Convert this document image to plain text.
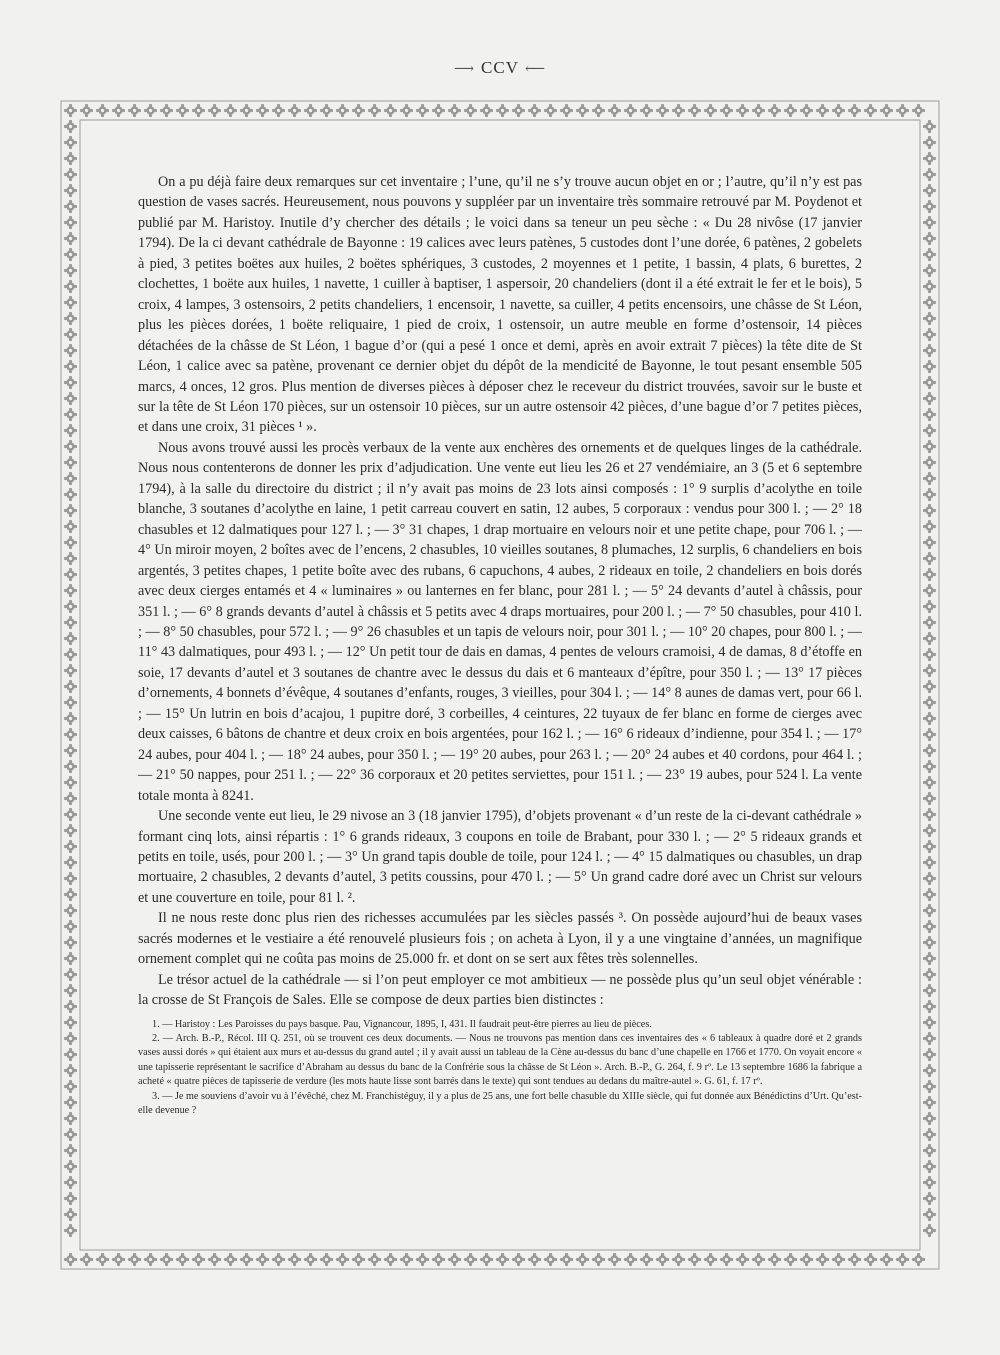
⟶ CCV ⟵

On a pu déjà faire deux remarques sur cet inventaire ; l’une, qu’il ne s’y trouve aucun objet en or ; l’autre, qu’il n’y est pas question de vases sacrés. Heureusement, nous pouvons y suppléer par un inventaire très sommaire retrouvé par M. Poydenot et publié par M. Haristoy. Inutile d’y chercher des détails ; le voici dans sa teneur un peu sèche : « Du 28 nivôse (17 janvier 1794). De la ci devant cathédrale de Bayonne : 19 calices avec leurs patènes, 5 custodes dont l’une dorée, 6 patènes, 2 gobelets à pied, 3 petites boëtes aux huiles, 2 boëtes sphériques, 3 custodes, 2 moyennes et 1 petite, 1 bassin, 4 plats, 6 burettes, 2 clochettes, 1 boëte aux huiles, 1 navette, 1 cuiller à baptiser, 1 aspersoir, 20 chandeliers (dont il a été extrait le fer et le bois), 5 croix, 4 lampes, 3 ostensoirs, 2 petits chandeliers, 1 encensoir, 1 navette, sa cuiller, 4 petits encensoirs, une châsse de St Léon, plus les pièces dorées, 1 boëte reliquaire, 1 pied de croix, 1 ostensoir, un autre meuble en forme d’ostensoir, 14 pièces détachées de la châsse de St Léon, 1 bague d’or (qui a pesé 1 once et demi, après en avoir extrait 7 pièces) la tête dite de St Léon, 1 calice avec sa patène, provenant ce dernier objet du dépôt de la mendicité de Bayonne, le tout pesant ensemble 505 marcs, 4 onces, 12 gros. Plus mention de diverses pièces à déposer chez le receveur du district trouvées, savoir sur le buste et sur la tête de St Léon 170 pièces, sur un ostensoir 10 pièces, sur un autre ostensoir 42 pièces, d’une bague d’or 7 petites pièces, et dans une croix, 31 pièces ¹ ».

Nous avons trouvé aussi les procès verbaux de la vente aux enchères des ornements et de quelques linges de la cathédrale. Nous nous contenterons de donner les prix d’adjudication. Une vente eut lieu les 26 et 27 vendémiaire, an 3 (5 et 6 septembre 1794), à la salle du directoire du district ; il n’y avait pas moins de 23 lots ainsi composés : 1° 9 surplis d’acolythe en toile blanche, 3 soutanes d’acolythe en laine, 1 petit carreau couvert en satin, 12 aubes, 5 corporaux : vendus pour 300 l. ; — 2° 18 chasubles et 12 dalmatiques pour 127 l. ; — 3° 31 chapes, 1 drap mortuaire en velours noir et une petite chape, pour 706 l. ; — 4° Un miroir moyen, 2 boîtes avec de l’encens, 2 chasubles, 10 vieilles soutanes, 8 plumaches, 12 surplis, 6 chandeliers en bois argentés, 3 petites chapes, 1 petite boîte avec des rubans, 6 capuchons, 4 aubes, 2 rideaux en toile, 2 chandeliers en bois dorés avec deux cierges entamés et 4 « luminaires » ou lanternes en fer blanc, pour 281 l. ; — 5° 24 devants d’autel à châssis, pour 351 l. ; — 6° 8 grands devants d’autel à châssis et 5 petits avec 4 draps mortuaires, pour 200 l. ; — 7° 50 chasubles, pour 410 l. ; — 8° 50 chasubles, pour 572 l. ; — 9° 26 chasubles et un tapis de velours noir, pour 301 l. ; — 10° 20 chapes, pour 800 l. ; — 11° 43 dalmatiques, pour 493 l. ; — 12° Un petit tour de dais en damas, 4 pentes de velours cramoisi, 4 de damas, 8 d’étoffe en soie, 17 devants d’autel et 3 soutanes de chantre avec le dessus du dais et 6 manteaux d’épître, pour 350 l. ; — 13° 17 pièces d’ornements, 4 bonnets d’évêque, 4 soutanes d’enfants, rouges, 3 vieilles, pour 304 l. ; — 14° 8 aunes de damas vert, pour 66 l. ; — 15° Un lutrin en bois d’acajou, 1 pupitre doré, 3 corbeilles, 4 ceintures, 22 tuyaux de fer blanc en forme de cierges avec deux caisses, 6 bâtons de chantre et deux croix en bois argentées, pour 162 l. ; — 16° 6 rideaux d’indienne, pour 354 l. ; — 17° 24 aubes, pour 404 l. ; — 18° 24 aubes, pour 350 l. ; — 19° 20 aubes, pour 263 l. ; — 20° 24 aubes et 40 cordons, pour 464 l. ; — 21° 50 nappes, pour 251 l. ; — 22° 36 corporaux et 20 petites serviettes, pour 151 l. ; — 23° 19 aubes, pour 524 l. La vente totale monta à 8241.

Une seconde vente eut lieu, le 29 nivose an 3 (18 janvier 1795), d’objets provenant « d’un reste de la ci-devant cathédrale » formant cinq lots, ainsi répartis : 1° 6 grands rideaux, 3 coupons en toile de Brabant, pour 330 l. ; — 2° 5 rideaux grands et petits en toile, usés, pour 200 l. ; — 3° Un grand tapis double de toile, pour 124 l. ; — 4° 15 dalmatiques ou chasubles, un drap mortuaire, 2 chasubles, 2 devants d’autel, 3 petits coussins, pour 470 l. ; — 5° Un grand cadre doré avec un Christ sur velours et une couverture en toile, pour 81 l. ².

Il ne nous reste donc plus rien des richesses accumulées par les siècles passés ³. On possède aujourd’hui de beaux vases sacrés modernes et le vestiaire a été renouvelé plusieurs fois ; on acheta à Lyon, il y a une vingtaine d’années, un magnifique ornement complet qui ne coûta pas moins de 25.000 fr. et dont on se sert aux fêtes très solennelles.

Le trésor actuel de la cathédrale — si l’on peut employer ce mot ambitieux — ne possède plus qu’un seul objet vénérable : la crosse de St François de Sales. Elle se compose de deux parties bien distinctes :

1. — Haristoy : Les Paroisses du pays basque. Pau, Vignancour, 1895, I, 431. Il faudrait peut-être pierres au lieu de pièces.

2. — Arch. B.-P., Récol. III Q. 251, où se trouvent ces deux documents. — Nous ne trouvons pas mention dans ces inventaires des « 6 tableaux à quadre doré et 2 grands vases aussi dorés » qui étaient aux murs et au-dessus du grand autel ; il y avait aussi un tableau de la Cène au-dessus du banc d’une chapelle en 1766 et 1770. On voyait encore « une tapisserie représentant le sacrifice d’Abraham au dessus du banc de la Confrérie sous la châsse de St Léon ». Arch. B.-P., G. 264, f. 9 rº. Le 13 septembre 1686 la fabrique a acheté « quatre pièces de tapisserie de verdure (les mots haute lisse sont barrés dans le texte) qui sont tendues au dedans du maître-autel ». G. 61, f. 17 rº.

3. — Je me souviens d’avoir vu à l’évêché, chez M. Franchistéguy, il y a plus de 25 ans, une fort belle chasuble du XIIIe siècle, qui fut donnée aux Bénédictins d’Urt. Qu’est-elle devenue ?
